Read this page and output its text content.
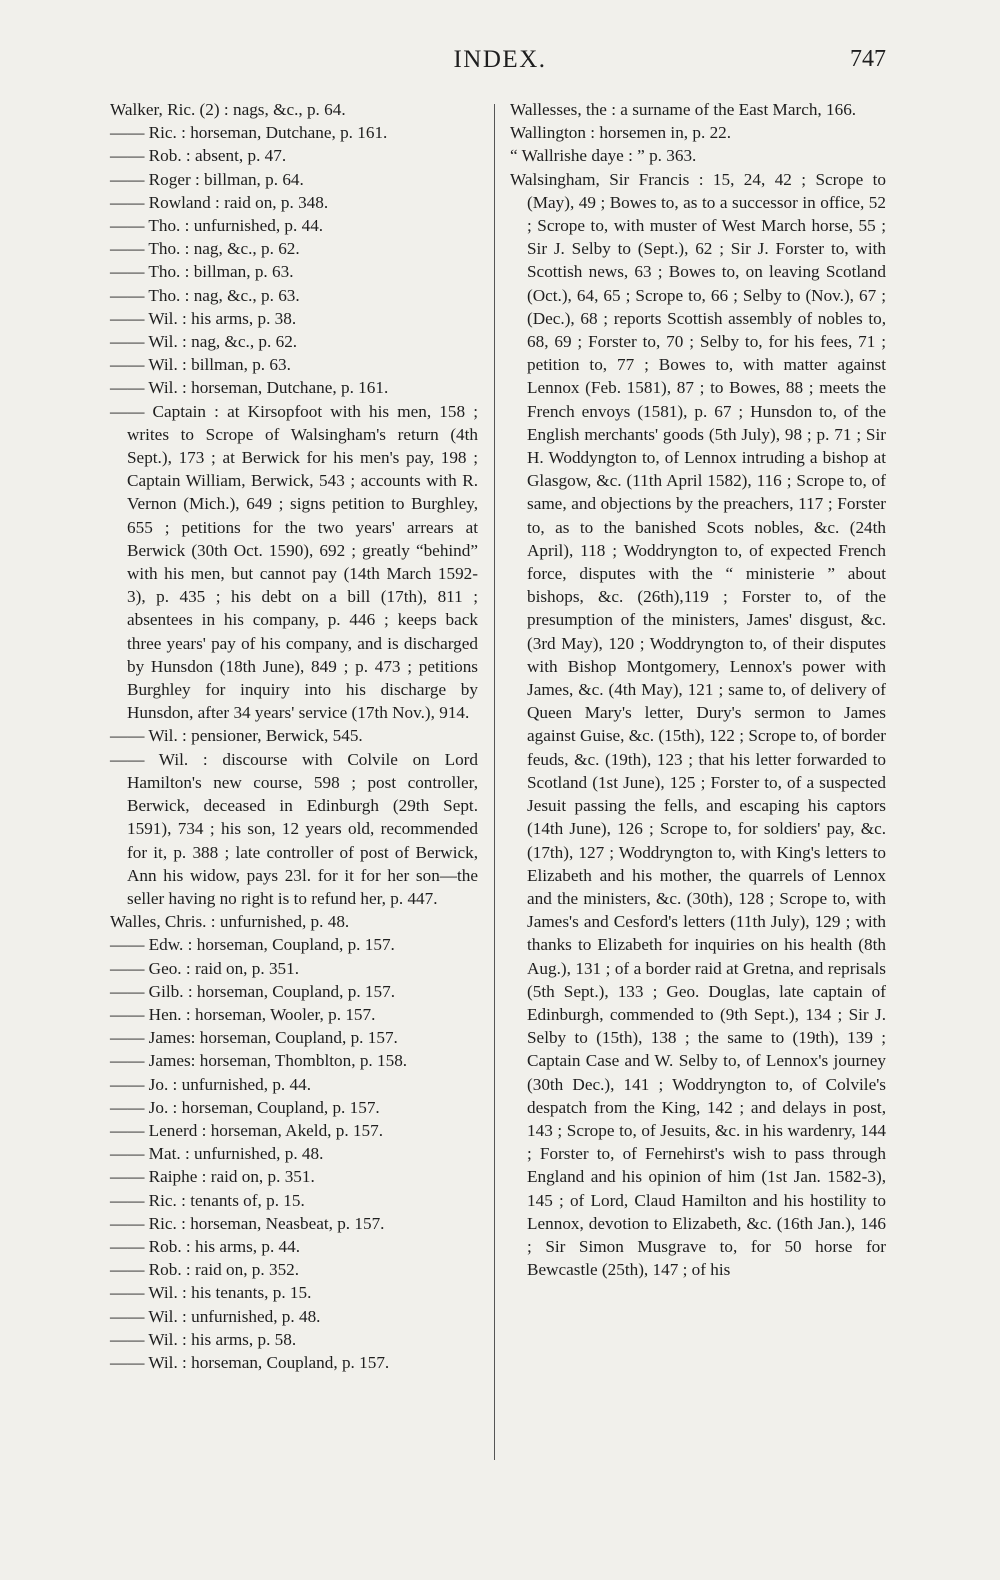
INDEX.	747

Walker, Ric. (2) : nags, &c., p. 64.

—— Ric. : horseman, Dutchane, p. 161.

—— Rob. : absent, p. 47.

—— Roger : billman, p. 64.

—— Rowland : raid on, p. 348.

—— Tho. : unfurnished, p. 44.

—— Tho. : nag, &c., p. 62.

—— Tho. : billman, p. 63.

—— Tho. : nag, &c., p. 63.

—— Wil. : his arms, p. 38.

—— Wil. : nag, &c., p. 62.

—— Wil. : billman, p. 63.

—— Wil. : horseman, Dutchane, p. 161.

—— Captain : at Kirsopfoot with his men, 158 ; writes to Scrope of Walsingham's return (4th Sept.), 173 ; at Berwick for his men's pay, 198 ; Captain William, Berwick, 543 ; accounts with R. Vernon (Mich.), 649 ; signs petition to Burghley, 655 ; petitions for the two years' arrears at Berwick (30th Oct. 1590), 692 ; greatly “behind” with his men, but cannot pay (14th March 1592-3), p. 435 ; his debt on a bill (17th), 811 ; absentees in his company, p. 446 ; keeps back three years' pay of his company, and is discharged by Hunsdon (18th June), 849 ; p. 473 ; petitions Burghley for inquiry into his discharge by Hunsdon, after 34 years' service (17th Nov.), 914.

—— Wil. : pensioner, Berwick, 545.

—— Wil. : discourse with Colvile on Lord Hamilton's new course, 598 ; post controller, Berwick, deceased in Edinburgh (29th Sept. 1591), 734 ; his son, 12 years old, recommended for it, p. 388 ; late controller of post of Berwick, Ann his widow, pays 23l. for it for her son—the seller having no right is to refund her, p. 447.

Walles, Chris. : unfurnished, p. 48.

—— Edw. : horseman, Coupland, p. 157.

—— Geo. : raid on, p. 351.

—— Gilb. : horseman, Coupland, p. 157.

—— Hen. : horseman, Wooler, p. 157.

—— James: horseman, Coupland, p. 157.

—— James: horseman, Thomblton, p. 158.

—— Jo. : unfurnished, p. 44.

—— Jo. : horseman, Coupland, p. 157.

—— Lenerd : horseman, Akeld, p. 157.

—— Mat. : unfurnished, p. 48.

—— Raiphe : raid on, p. 351.

—— Ric. : tenants of, p. 15.

—— Ric. : horseman, Neasbeat, p. 157.

—— Rob. : his arms, p. 44.

—— Rob. : raid on, p. 352.

—— Wil. : his tenants, p. 15.

—— Wil. : unfurnished, p. 48.

—— Wil. : his arms, p. 58.

—— Wil. : horseman, Coupland, p. 157.

Wallesses, the : a surname of the East March, 166.

Wallington : horsemen in, p. 22.

“ Wallrishe daye : ” p. 363.

Walsingham, Sir Francis : 15, 24, 42 ; Scrope to (May), 49 ; Bowes to, as to a successor in office, 52 ; Scrope to, with muster of West March horse, 55 ; Sir J. Selby to (Sept.), 62 ; Sir J. Forster to, with Scottish news, 63 ; Bowes to, on leaving Scotland (Oct.), 64, 65 ; Scrope to, 66 ; Selby to (Nov.), 67 ; (Dec.), 68 ; reports Scottish assembly of nobles to, 68, 69 ; Forster to, 70 ; Selby to, for his fees, 71 ; petition to, 77 ; Bowes to, with matter against Lennox (Feb. 1581), 87 ; to Bowes, 88 ; meets the French envoys (1581), p. 67 ; Hunsdon to, of the English merchants' goods (5th July), 98 ; p. 71 ; Sir H. Woddyngton to, of Lennox intruding a bishop at Glasgow, &c. (11th April 1582), 116 ; Scrope to, of same, and objections by the preachers, 117 ; Forster to, as to the banished Scots nobles, &c. (24th April), 118 ; Woddryngton to, of expected French force, disputes with the “ ministerie ” about bishops, &c. (26th),119 ; Forster to, of the presumption of the ministers, James' disgust, &c. (3rd May), 120 ; Woddryngton to, of their disputes with Bishop Montgomery, Lennox's power with James, &c. (4th May), 121 ; same to, of delivery of Queen Mary's letter, Dury's sermon to James against Guise, &c. (15th), 122 ; Scrope to, of border feuds, &c. (19th), 123 ; that his letter forwarded to Scotland (1st June), 125 ; Forster to, of a suspected Jesuit passing the fells, and escaping his captors (14th June), 126 ; Scrope to, for soldiers' pay, &c. (17th), 127 ; Woddryngton to, with King's letters to Elizabeth and his mother, the quarrels of Lennox and the ministers, &c. (30th), 128 ; Scrope to, with James's and Cesford's letters (11th July), 129 ; with thanks to Elizabeth for inquiries on his health (8th Aug.), 131 ; of a border raid at Gretna, and reprisals (5th Sept.), 133 ; Geo. Douglas, late captain of Edinburgh, commended to (9th Sept.), 134 ; Sir J. Selby to (15th), 138 ; the same to (19th), 139 ; Captain Case and W. Selby to, of Lennox's journey (30th Dec.), 141 ; Woddryngton to, of Colvile's despatch from the King, 142 ; and delays in post, 143 ; Scrope to, of Jesuits, &c. in his wardenry, 144 ; Forster to, of Fernehirst's wish to pass through England and his opinion of him (1st Jan. 1582-3), 145 ; of Lord, Claud Hamilton and his hostility to Lennox, devotion to Elizabeth, &c. (16th Jan.), 146 ; Sir Simon Musgrave to, for 50 horse for Bewcastle (25th), 147 ; of his
